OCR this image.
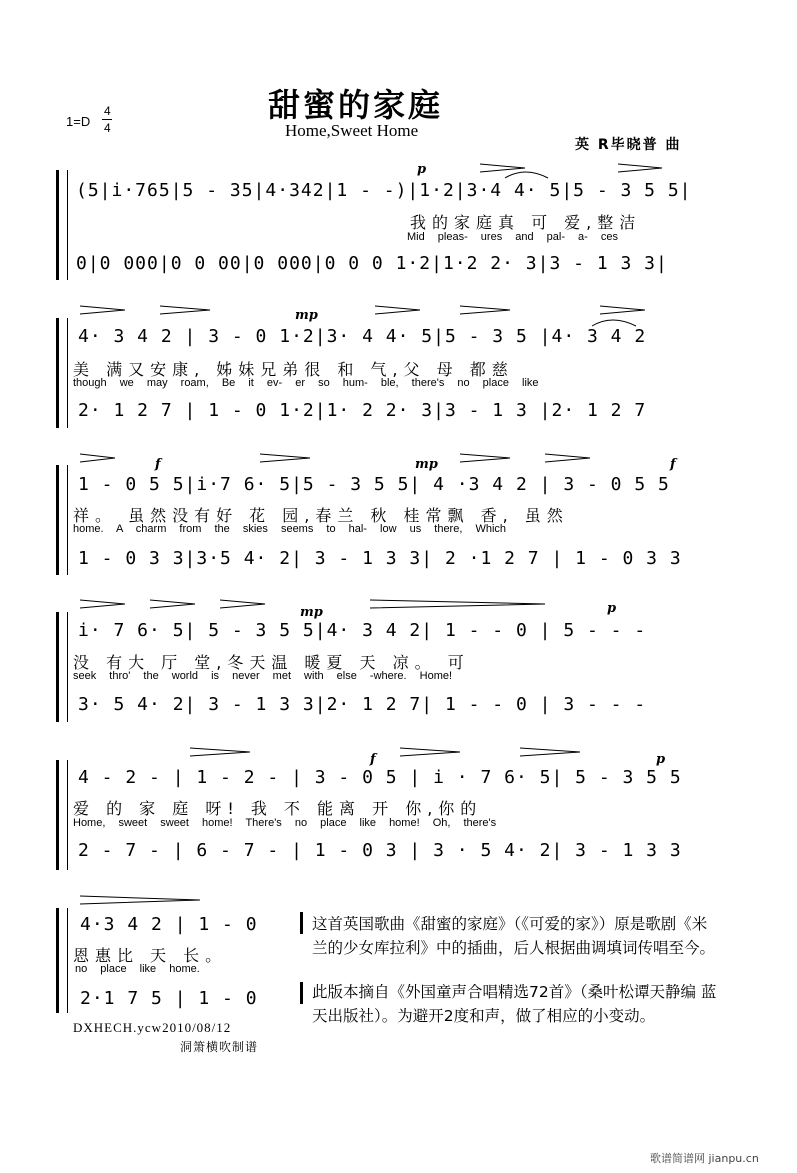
1=D
4
4
甜蜜的家庭
Home,Sweet Home
英 R毕晓普 曲
p
(5|i·765|5 - 35|4·342|1 - -)|1·2|3·4 4· 5|5 - 3 5 5|
我的家庭真 可 爱,整洁
Mid pleas- ures and pal- a- ces
0|0 000|0 0 00|0 000|0 0 0 1·2|1·2 2· 3|3 - 1 3 3|
mp
4· 3 4 2 | 3 - 0 1·2|3· 4 4· 5|5 - 3 5 |4· 3 4 2
美 满又安康, 姊妹兄弟很 和 气,父 母 都慈
though we may roam, Be it ev- er so hum- ble, there's no place like
2· 1 2 7 | 1 - 0 1·2|1· 2 2· 3|3 - 1 3 |2· 1 2 7
f	mp	f
1 - 0 5 5|i·7 6· 5|5 - 3 5 5| 4 ·3 4 2 | 3 - 0 5 5
祥。 虽然没有好 花 园,春兰 秋 桂常飘 香, 虽然
home. A charm from the skies seems to hal- low us there, Which
1 - 0 3 3|3·5 4· 2| 3 - 1 3 3| 2 ·1 2 7 | 1 - 0 3 3
mp	p
i· 7 6· 5| 5 - 3 5 5|4· 3 4 2| 1 - - 0 | 5 - - -
没 有大 厅 堂,冬天温 暖夏 天 凉。 可
seek thro' the world is never met with else -where. Home!
3· 5 4· 2| 3 - 1 3 3|2· 1 2 7| 1 - - 0 | 3 - - -
f	p
4 - 2 - | 1 - 2 - | 3 - 0 5 | i · 7 6· 5| 5 - 3 5 5
爱 的 家 庭 呀! 我 不 能离 开 你,你的
Home, sweet sweet home! There's no place like home! Oh, there's
2 - 7 - | 6 - 7 - | 1 - 0 3 | 3 · 5 4· 2| 3 - 1 3 3
4·3 4 2 | 1 - 0
恩惠比 天 长。
no place like home.
2·1 7 5 | 1 - 0
这首英国歌曲《甜蜜的家庭》（《可爱的家》）原是歌剧《米兰的少女库拉利》中的插曲，后人根据曲调填词传唱至今。
此版本摘自《外国童声合唱精选72首》（桑叶松谭天静编 蓝天出版社）。为避开2度和声，做了相应的小变动。
DXHECH.ycw2010/08/12
洞箫横吹制谱
歌谱简谱网 jianpu.cn
